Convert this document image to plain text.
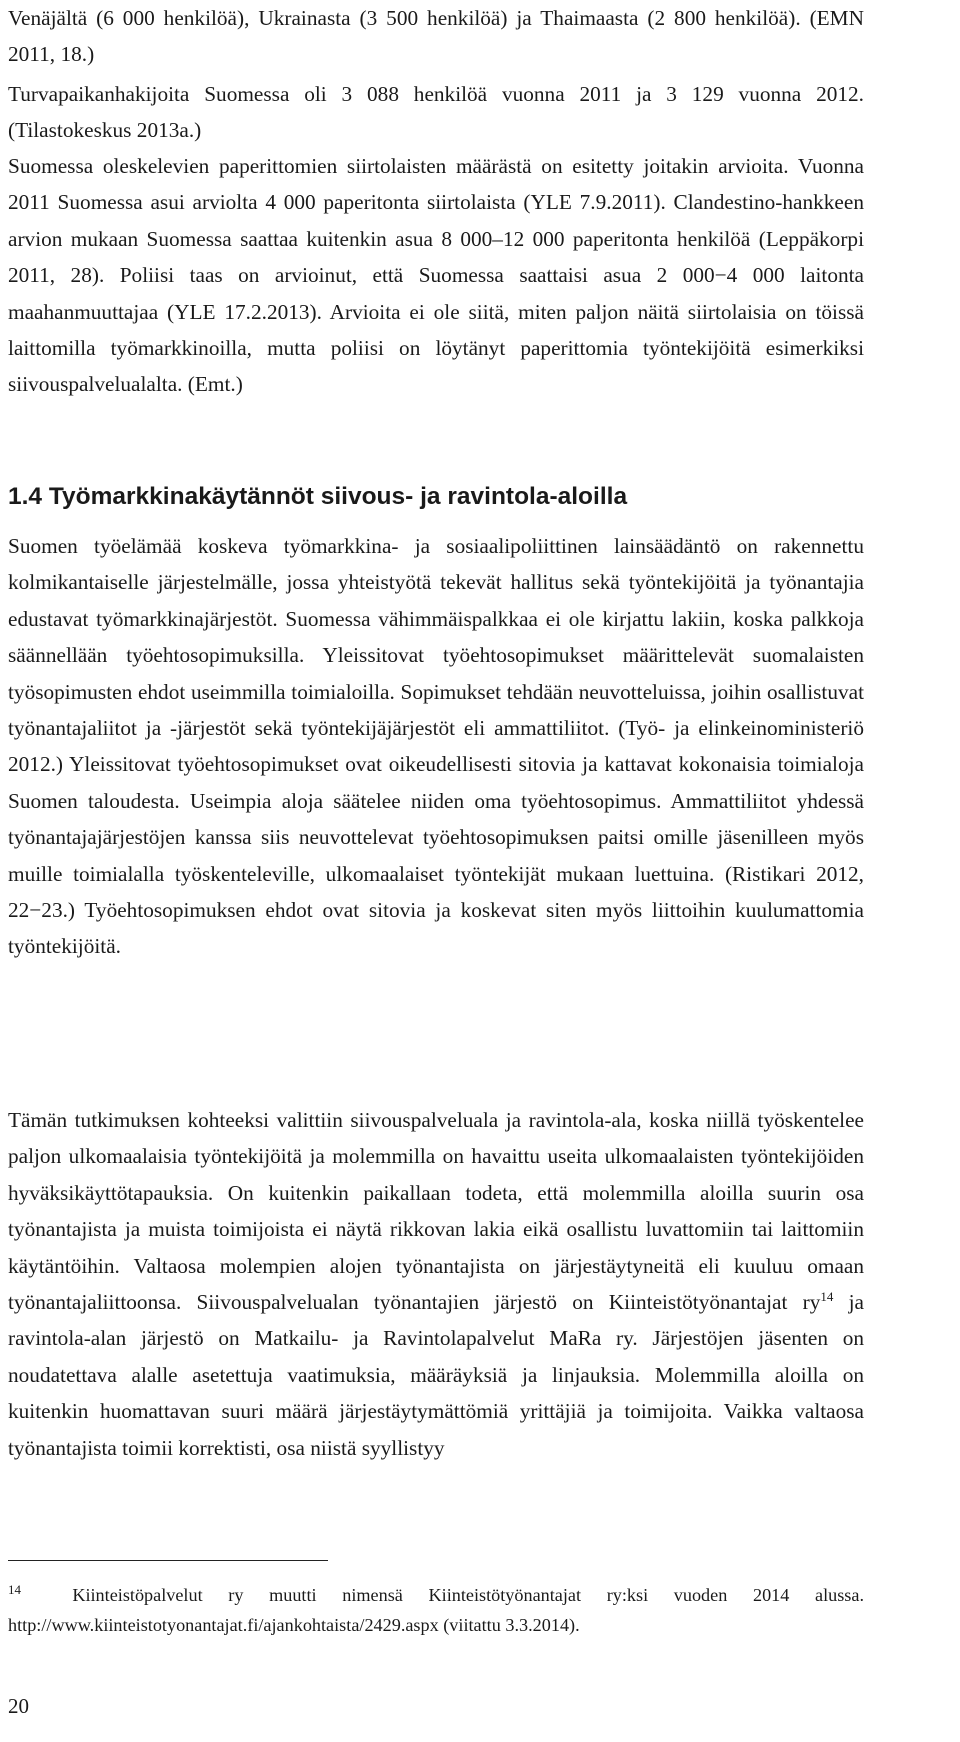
Venäjältä (6 000 henkilöä), Ukrainasta (3 500 henkilöä) ja Thaimaasta (2 800 henkilöä). (EMN 2011, 18.)

Turvapaikanhakijoita Suomessa oli 3 088 henkilöä vuonna 2011 ja 3 129 vuonna 2012. (Tilastokeskus 2013a.)

Suomessa oleskelevien paperittomien siirtolaisten määrästä on esitetty joitakin arvioita. Vuonna 2011 Suomessa asui arviolta 4 000 paperitonta siirtolaista (YLE 7.9.2011). Clandestino-hankkeen arvion mukaan Suomessa saattaa kuitenkin asua 8 000–12 000 paperitonta henkilöä (Leppäkorpi 2011, 28). Poliisi taas on arvioinut, että Suomessa saattaisi asua 2 000−4 000 laitonta maahanmuuttajaa (YLE 17.2.2013). Arvioita ei ole siitä, miten paljon näitä siirtolaisia on töissä laittomilla työmarkkinoilla, mutta poliisi on löytänyt paperittomia työntekijöitä esimerkiksi siivouspalvelualalta. (Emt.)

1.4 Työmarkkinakäytännöt siivous- ja ravintola-aloilla

Suomen työelämää koskeva työmarkkina- ja sosiaalipoliittinen lainsäädäntö on rakennettu kolmikantaiselle järjestelmälle, jossa yhteistyötä tekevät hallitus sekä työntekijöitä ja työnantajia edustavat työmarkkinajärjestöt. Suomessa vähimmäispalkkaa ei ole kirjattu lakiin, koska palkkoja säännellään työehtosopimuksilla. Yleissitovat työehtosopimukset määrittelevät suomalaisten työsopimusten ehdot useimmilla toimialoilla. Sopimukset tehdään neuvotteluissa, joihin osallistuvat työnantajaliitot ja -järjestöt sekä työntekijäjärjestöt eli ammattiliitot. (Työ- ja elinkeinoministeriö 2012.) Yleissitovat työehtosopimukset ovat oikeudellisesti sitovia ja kattavat kokonaisia toimialoja Suomen taloudesta. Useimpia aloja säätelee niiden oma työehtosopimus. Ammattiliitot yhdessä työnantajajärjestöjen kanssa siis neuvottelevat työehtosopimuksen paitsi omille jäsenilleen myös muille toimialalla työskenteleville, ulkomaalaiset työntekijät mukaan luettuina. (Ristikari 2012, 22−23.) Työehtosopimuksen ehdot ovat sitovia ja koskevat siten myös liittoihin kuulumattomia työntekijöitä.

Tämän tutkimuksen kohteeksi valittiin siivouspalveluala ja ravintola-ala, koska niillä työskentelee paljon ulkomaalaisia työntekijöitä ja molemmilla on havaittu useita ulkomaalaisten työntekijöiden hyväksikäyttötapauksia. On kuitenkin paikallaan todeta, että molemmilla aloilla suurin osa työnantajista ja muista toimijoista ei näytä rikkovan lakia eikä osallistu luvattomiin tai laittomiin käytäntöihin. Valtaosa molempien alojen työnantajista on järjestäytyneitä eli kuuluu omaan työnantajaliittoonsa. Siivouspalvelualan työnantajien järjestö on Kiinteistötyönantajat $ry^{14}$ ja ravintola-alan järjestö on Matkailu- ja Ravintolapalvelut MaRa ry. Järjestöjen jäsenten on noudatettava alalle asetettuja vaatimuksia, määräyksiä ja linjauksia. Molemmilla aloilla on kuitenkin huomattavan suuri määrä järjestäytymättömiä yrittäjiä ja toimijoita. Vaikka valtaosa työnantajista toimii korrektisti, osa niistä syyllistyy

$^{14}$	Kiinteistöpalvelut ry muutti nimensä Kiinteistötyönantajat ry:ksi vuoden 2014 alussa. http://www.kiinteistotyonantajat.fi/ajankohtaista/2429.aspx (viitattu 3.3.2014).

20
